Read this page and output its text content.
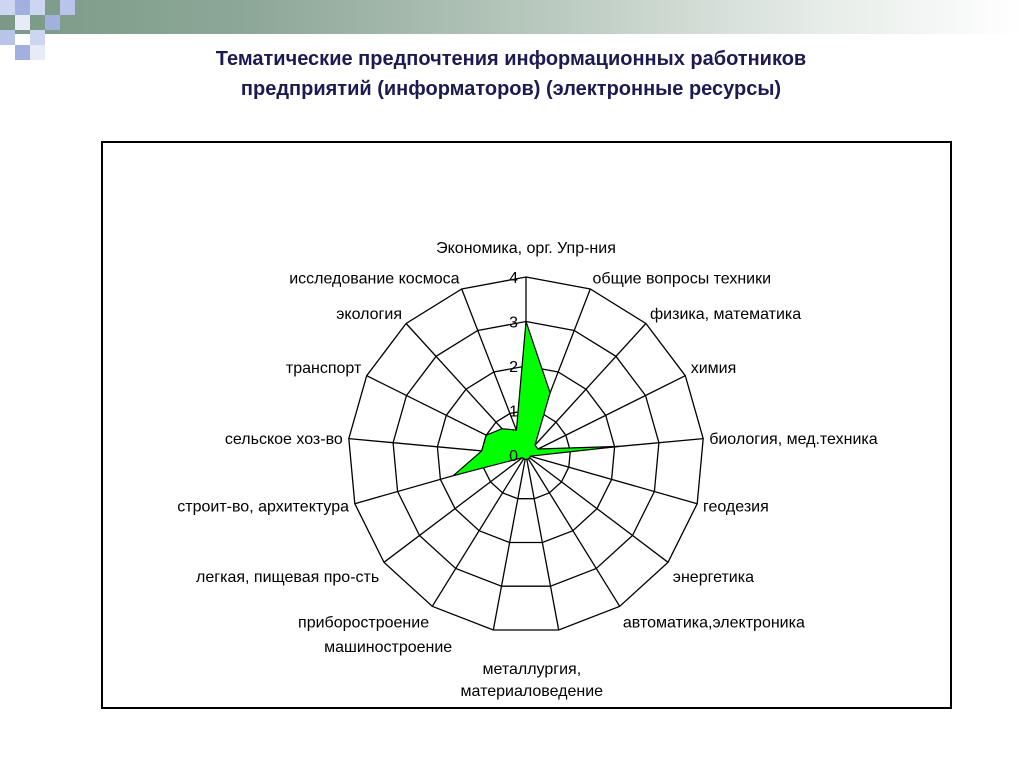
Тематические предпочтения информационных работников
предприятий (информаторов) (электронные ресурсы)
0
1
2
3
4
Экономика, орг. Упр-ния
общие вопросы техники
физика, математика
химия
биология, мед.техника
геодезия
энергетика
автоматика,электроника
металлургия, материаловедение
машиностроение
приборостроение
легкая, пищевая про-сть
строит-во, архитектура
сельское хоз-во
транспорт
экология
исследование космоса
